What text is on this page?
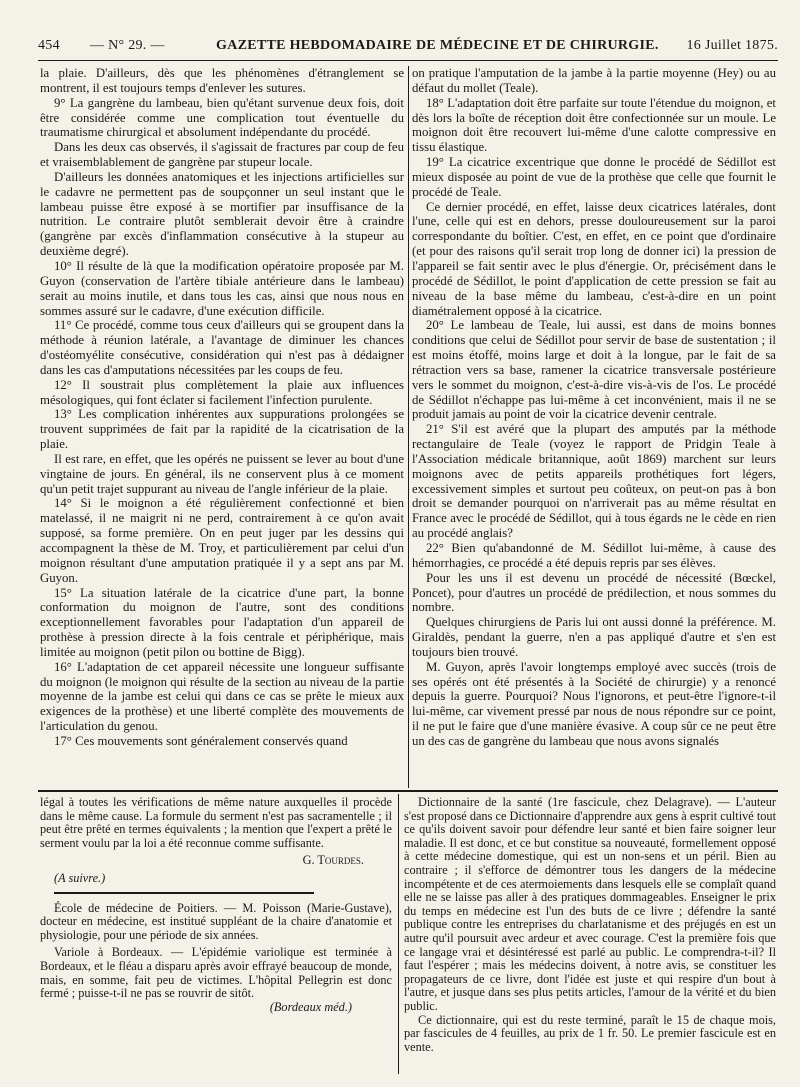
454 — N° 29. —	GAZETTE HEBDOMADAIRE DE MÉDECINE ET DE CHIRURGIE. 16 Juillet 1875.

la plaie. D'ailleurs, dès que les phénomènes d'étranglement se montrent, il est toujours temps d'enlever les sutures.

9° La gangrène du lambeau, bien qu'étant survenue deux fois, doit être considérée comme une complication tout éventuelle du traumatisme chirurgical et absolument indépendante du procédé.

Dans les deux cas observés, il s'agissait de fractures par coup de feu et vraisemblablement de gangrène par stupeur locale.

D'ailleurs les données anatomiques et les injections artificielles sur le cadavre ne permettent pas de soupçonner un seul instant que le lambeau puisse être exposé à se mortifier par insuffisance de la nutrition. Le contraire plutôt semblerait devoir être à craindre (gangrène par excès d'inflammation consécutive à la stupeur au deuxième degré).

10° Il résulte de là que la modification opératoire proposée par M. Guyon (conservation de l'artère tibiale antérieure dans le lambeau) serait au moins inutile, et dans tous les cas, ainsi que nous nous en sommes assuré sur le cadavre, d'une exécution difficile.

11° Ce procédé, comme tous ceux d'ailleurs qui se groupent dans la méthode à réunion latérale, a l'avantage de diminuer les chances d'ostéomyélite consécutive, considération qui n'est pas à dédaigner dans les cas d'amputations nécessitées par les coups de feu.

12° Il soustrait plus complètement la plaie aux influences mésologiques, qui font éclater si facilement l'infection purulente.

13° Les complication inhérentes aux suppurations prolongées se trouvent supprimées de fait par la rapidité de la cicatrisation de la plaie.

Il est rare, en effet, que les opérés ne puissent se lever au bout d'une vingtaine de jours. En général, ils ne conservent plus à ce moment qu'un petit trajet suppurant au niveau de l'angle inférieur de la plaie.

14° Si le moignon a été régulièrement confectionné et bien matelassé, il ne maigrit ni ne perd, contrairement à ce qu'on avait supposé, sa forme première. On en peut juger par les dessins qui accompagnent la thèse de M. Troy, et particulièrement par celui d'un moignon résultant d'une amputation pratiquée il y a sept ans par M. Guyon.

15° La situation latérale de la cicatrice d'une part, la bonne conformation du moignon de l'autre, sont des conditions exceptionnellement favorables pour l'adaptation d'un appareil de prothèse à pression directe à la fois centrale et périphérique, mais limitée au moignon (petit pilon ou bottine de Bigg).

16° L'adaptation de cet appareil nécessite une longueur suffisante du moignon (le moignon qui résulte de la section au niveau de la partie moyenne de la jambe est celui qui dans ce cas se prête le mieux aux exigences de la prothèse) et une liberté complète des mouvements de l'articulation du genou.

17° Ces mouvements sont généralement conservés quand

on pratique l'amputation de la jambe à la partie moyenne (Hey) ou au défaut du mollet (Teale).

18° L'adaptation doit être parfaite sur toute l'étendue du moignon, et dès lors la boîte de réception doit être confectionnée sur un moule. Le moignon doit être recouvert lui-même d'une calotte compressive en tissu élastique.

19° La cicatrice excentrique que donne le procédé de Sédillot est mieux disposée au point de vue de la prothèse que celle que fournit le procédé de Teale.

Ce dernier procédé, en effet, laisse deux cicatrices latérales, dont l'une, celle qui est en dehors, presse douloureusement sur la paroi correspondante du boîtier. C'est, en effet, en ce point que d'ordinaire (et pour des raisons qu'il serait trop long de donner ici) la pression de l'appareil se fait sentir avec le plus d'énergie. Or, précisément dans le procédé de Sédillot, le point d'application de cette pression se fait au niveau de la base même du lambeau, c'est-à-dire en un point diamétralement opposé à la cicatrice.

20° Le lambeau de Teale, lui aussi, est dans de moins bonnes conditions que celui de Sédillot pour servir de base de sustentation ; il est moins étoffé, moins large et doit à la longue, par le fait de sa rétraction vers sa base, ramener la cicatrice transversale postérieure vers le sommet du moignon, c'est-à-dire vis-à-vis de l'os. Le procédé de Sédillot n'échappe pas lui-même à cet inconvénient, mais il ne se produit jamais au point de voir la cicatrice devenir centrale.

21° S'il est avéré que la plupart des amputés par la méthode rectangulaire de Teale (voyez le rapport de Pridgin Teale à l'Association médicale britannique, août 1869) marchent sur leurs moignons avec de petits appareils prothétiques fort légers, excessivement simples et surtout peu coûteux, on peut-on pas à bon droit se demander pourquoi on n'arriverait pas au même résultat en France avec le procédé de Sédillot, qui à tous égards ne le cède en rien au procédé anglais?

22° Bien qu'abandonné de M. Sédillot lui-même, à cause des hémorrhagies, ce procédé a été depuis repris par ses élèves.

Pour les uns il est devenu un procédé de nécessité (Bœckel, Poncet), pour d'autres un procédé de prédilection, et nous sommes du nombre.

Quelques chirurgiens de Paris lui ont aussi donné la préférence. M. Giraldès, pendant la guerre, n'en a pas appliqué d'autre et s'en est toujours bien trouvé.

M. Guyon, après l'avoir longtemps employé avec succès (trois de ses opérés ont été présentés à la Société de chirurgie) y a renoncé depuis la guerre. Pourquoi? Nous l'ignorons, et peut-être l'ignore-t-il lui-même, car vivement pressé par nous de nous répondre sur ce point, il ne put le faire que d'une manière évasive. A coup sûr ce ne peut être un des cas de gangrène du lambeau que nous avons signalés

légal à toutes les vérifications de même nature auxquelles il procède dans le même cause. La formule du serment n'est pas sacramentelle ; il peut être prêté en termes équivalents ; la mention que l'expert a prêté le serment voulu par la loi a été reconnue comme suffisante.

G. Tourdes.
(A suivre.)

École de médecine de Poitiers. — M. Poisson (Marie-Gustave), docteur en médecine, est institué suppléant de la chaire d'anatomie et physiologie, pour une période de six années.

Variole à Bordeaux. — L'épidémie variolique est terminée à Bordeaux, et le fléau a disparu après avoir effrayé beaucoup de monde, mais, en somme, fait peu de victimes. L'hôpital Pellegrin est donc fermé ; puisse-t-il ne pas se rouvrir de sitôt.

(Bordeaux méd.)

Dictionnaire de la santé (1re fascicule, chez Delagrave). — L'auteur s'est proposé dans ce Dictionnaire d'apprendre aux gens à esprit cultivé tout ce qu'ils doivent savoir pour défendre leur santé et bien faire soigner leur maladie. Il est donc, et ce but constitue sa nouveauté, formellement opposé à cette médecine domestique, qui est un non-sens et un péril. Bien au contraire ; il s'efforce de démontrer tous les dangers de la médecine incompétente et de ces atermoiements dans lesquels elle se complaît quand elle ne se laisse pas aller à des pratiques dommageables. Enseigner le prix du temps en médecine est l'un des buts de ce livre ; défendre la santé publique contre les entreprises du charlatanisme et des préjugés en est un autre qu'il poursuit avec ardeur et avec courage. C'est la première fois que ce langage vrai et désintéressé est parlé au public. Le comprendra-t-il? Il faut l'espérer ; mais les médecins doivent, à notre avis, se constituer les propagateurs de ce livre, dont l'idée est juste et qui respire d'un bout à l'autre, et jusque dans ses plus petits articles, l'amour de la vérité et du bien public.

Ce dictionnaire, qui est du reste terminé, paraît le 15 de chaque mois, par fascicules de 4 feuilles, au prix de 1 fr. 50. Le premier fascicule est en vente.
